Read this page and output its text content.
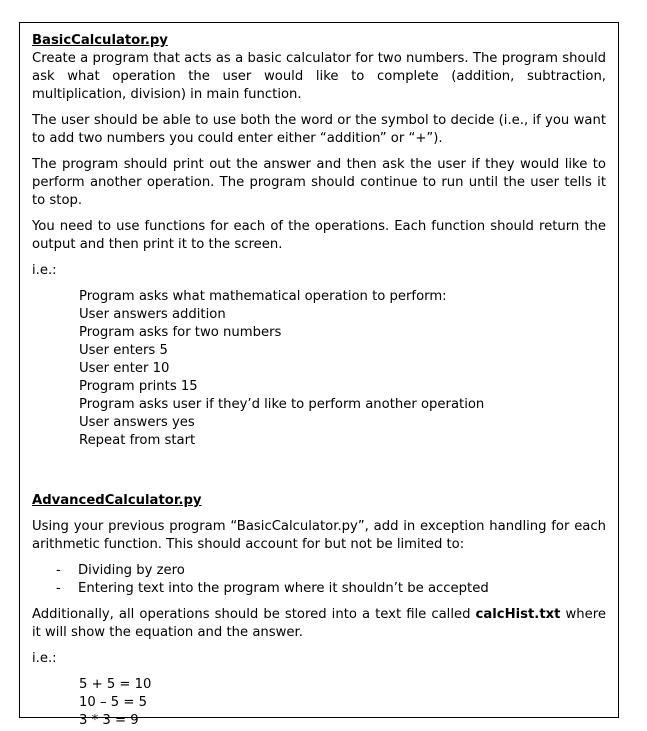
BasicCalculator.py

Create a program that acts as a basic calculator for two numbers. The program should ask what operation the user would like to complete (addition, subtraction, multiplication, division) in main function.

The user should be able to use both the word or the symbol to decide (i.e., if you want to add two numbers you could enter either “addition” or “+”).

The program should print out the answer and then ask the user if they would like to perform another operation. The program should continue to run until the user tells it to stop.

You need to use functions for each of the operations. Each function should return the output and then print it to the screen.

i.e.:

Program asks what mathematical operation to perform:
User answers addition
Program asks for two numbers
User enters 5
User enter 10
Program prints 15
Program asks user if they’d like to perform another operation
User answers yes
Repeat from start
AdvancedCalculator.py

Using your previous program “BasicCalculator.py”, add in exception handling for each arithmetic function. This should account for but not be limited to:

- Dividing by zero
- Entering text into the program where it shouldn’t be accepted

Additionally, all operations should be stored into a text file called calcHist.txt where it will show the equation and the answer.

i.e.:

5 + 5 = 10
10 – 5 = 5
3 * 3 = 9
